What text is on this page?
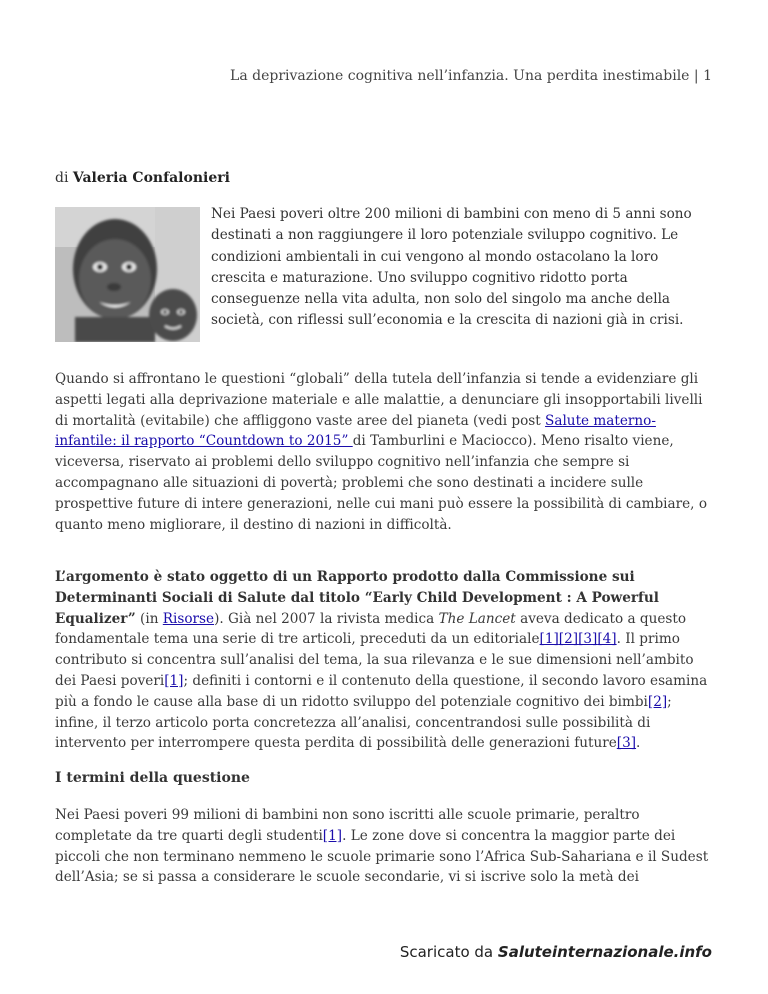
La deprivazione cognitiva nell’infanzia. Una perdita inestimabile | 1
di Valeria Confalonieri
Nei Paesi poveri oltre 200 milioni di bambini con meno di 5 anni sono destinati a non raggiungere il loro potenziale sviluppo cognitivo. Le condizioni ambientali in cui vengono al mondo ostacolano la loro crescita e maturazione. Uno sviluppo cognitivo ridotto porta conseguenze nella vita adulta, non solo del singolo ma anche della società, con riflessi sull’economia e la crescita di nazioni già in crisi.

Quando si affrontano le questioni “globali” della tutela dell’infanzia si tende a evidenziare gli aspetti legati alla deprivazione materiale e alle malattie, a denunciare gli insopportabili livelli di mortalità (evitabile) che affliggono vaste aree del pianeta (vedi post Salute materno-infantile: il rapporto “Countdown to 2015” di Tamburlini e Maciocco). Meno risalto viene, viceversa, riservato ai problemi dello sviluppo cognitivo nell’infanzia che sempre si accompagnano alle situazioni di povertà; problemi che sono destinati a incidere sulle prospettive future di intere generazioni, nelle cui mani può essere la possibilità di cambiare, o quanto meno migliorare, il destino di nazioni in difficoltà.

L’argomento è stato oggetto di un Rapporto prodotto dalla Commissione sui Determinanti Sociali di Salute dal titolo “Early Child Development : A Powerful Equalizer” (in Risorse). Già nel 2007 la rivista medica The Lancet aveva dedicato a questo fondamentale tema una serie di tre articoli, preceduti da un editoriale[1][2][3][4]. Il primo contributo si concentra sull’analisi del tema, la sua rilevanza e le sue dimensioni nell’ambito dei Paesi poveri[1]; definiti i contorni e il contenuto della questione, il secondo lavoro esamina più a fondo le cause alla base di un ridotto sviluppo del potenziale cognitivo dei bimbi[2]; infine, il terzo articolo porta concretezza all’analisi, concentrandosi sulle possibilità di intervento per interrompere questa perdita di possibilità delle generazioni future[3].

I termini della questione

Nei Paesi poveri 99 milioni di bambini non sono iscritti alle scuole primarie, peraltro completate da tre quarti degli studenti[1]. Le zone dove si concentra la maggior parte dei piccoli che non terminano nemmeno le scuole primarie sono l’Africa Sub-Sahariana e il Sudest dell’Asia; se si passa a considerare le scuole secondarie, vi si iscrive solo la metà dei

Scaricato da Saluteinternazionale.info
